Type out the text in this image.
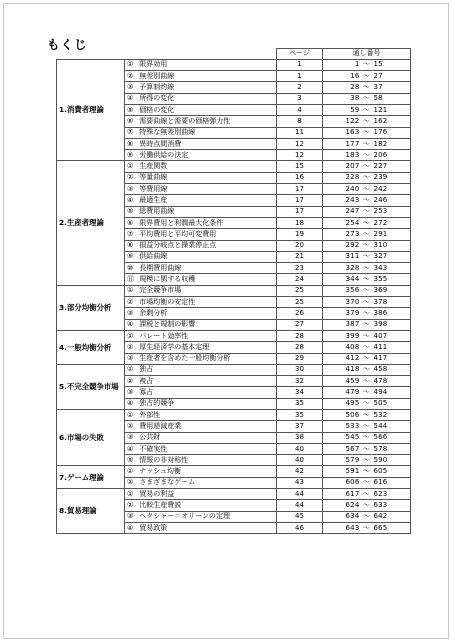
もくじ
		ページ	通し番号
1.消費者理論	① 限界効用	1	1 ～ 15
	② 無差別曲線	1	16 ～ 27
	③ 予算制約線	2	28 ～ 37
	④ 所得の変化	3	38 ～ 58
	⑤ 価格の変化	4	59 ～ 121
	⑥ 需要曲線と需要の価格弾力性	8	122 ～ 162
	⑦ 特殊な無差別曲線	11	163 ～ 176
	⑧ 異時点間消費	12	177 ～ 182
	⑨ 労働供給の決定	12	183 ～ 206
2.生産者理論	① 生産関数	15	207 ～ 227
	② 等量曲線	16	228 ～ 239
	③ 等費用線	17	240 ～ 242
	④ 最適生産	17	243 ～ 246
	⑤ 総費用曲線	17	247 ～ 253
	⑥ 限界費用と利潤最大化条件	18	254 ～ 272
	⑦ 平均費用と平均可変費用	19	273 ～ 291
	⑧ 損益分岐点と操業停止点	20	292 ～ 310
	⑨ 供給曲線	21	311 ～ 327
	⑩ 長期費用曲線	23	328 ～ 343
	⑪ 規模に関する収穫	24	344 ～ 355
3.部分均衡分析	① 完全競争市場	25	356 ～ 369
	② 市場均衡の安定性	25	370 ～ 378
	③ 余剰分析	26	379 ～ 386
	④ 課税と規制の影響	27	387 ～ 398
4.一般均衡分析	① パレート効率性	28	399 ～ 407
	② 厚生経済学の基本定理	28	408 ～ 411
	③ 生産者を含めた一般均衡分析	29	412 ～ 417
5.不完全競争市場	① 独占	30	418 ～ 458
	② 複占	32	459 ～ 478
	③ 寡占	34	479 ～ 494
	④ 独占的競争	35	495 ～ 505
6.市場の失敗	① 外部性	35	506 ～ 532
	② 費用逓減産業	37	533 ～ 544
	③ 公共財	38	545 ～ 566
	④ 不確実性	40	567 ～ 578
	⑤ 情報の非対称性	40	579 ～ 590
7.ゲーム理論	① ナッシュ均衡	42	591 ～ 605
	② さまざまなゲーム	43	606 ～ 616
8.貿易理論	① 貿易の利益	44	617 ～ 623
	② 比較生産費説	44	624 ～ 633
	③ ヘクシャー＝オリーンの定理	45	634 ～ 642
	④ 貿易政策	46	643 ～ 665
